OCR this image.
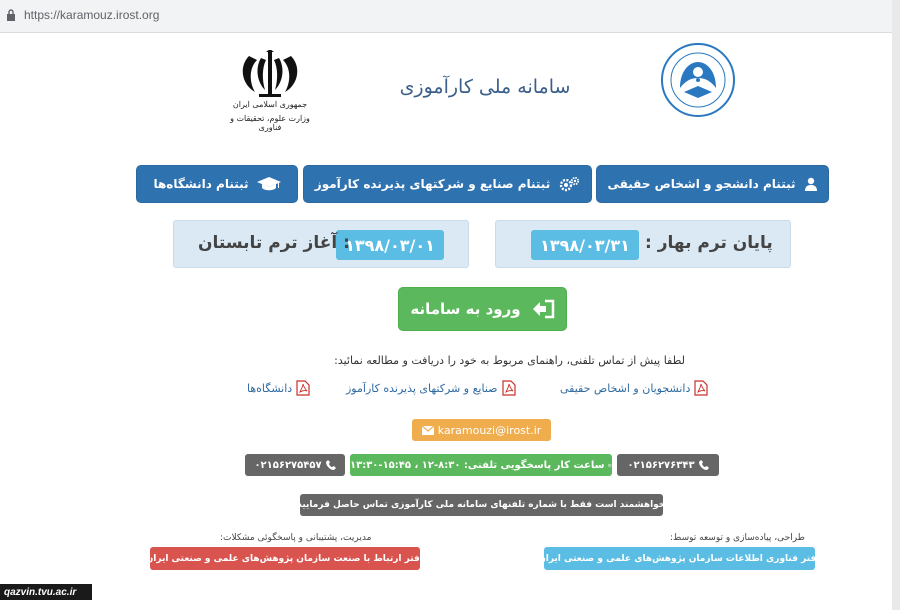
https://karamouz.irost.org
جمهوری اسلامی ایران
وزارت علوم، تحقیقات و فناوری
سامانه ملی کارآموزی
ثبتنام دانشجو و اشخاص حقیقی
ثبتنام صنایع و شرکتهای پذیرنده کارآموز
ثبتنام دانشگاه‌ها
پایان ترم بهار :
۱۳۹۸/۰۳/۳۱
۱۳۹۸/۰۳/۰۱
: آغاز ترم تابستان
ورود به سامانه
لطفا پیش از تماس تلفنی، راهنمای مربوط به خود را دریافت و مطالعه نمائید:
دانشجویان و اشخاص حقیقی
صنایع و شرکتهای پذیرنده کارآموز
دانشگاه‌ها
karamouzi@irost.ir
۰۲۱۵۶۲۷۶۳۴۳
ساعت کار پاسخگویی تلفنی: ۸:۳۰-۱۲ ، ۱۵:۴۵-۱۳:۳۰
۰۲۱۵۶۲۷۵۴۵۷
خواهشمند است فقط با شماره تلفنهای سامانه ملی کارآموزی تماس حاصل فرمایید.
طراحی، پیاده‌سازی و توسعه توسط:
دفتر فناوری اطلاعات سازمان پژوهش‌های علمی و صنعتی ایران
مدیریت، پشتیبانی و پاسخگوئی مشکلات:
دفتر ارتباط با صنعت سازمان پژوهش‌های علمی و صنعتی ایران
qazvin.tvu.ac.ir
